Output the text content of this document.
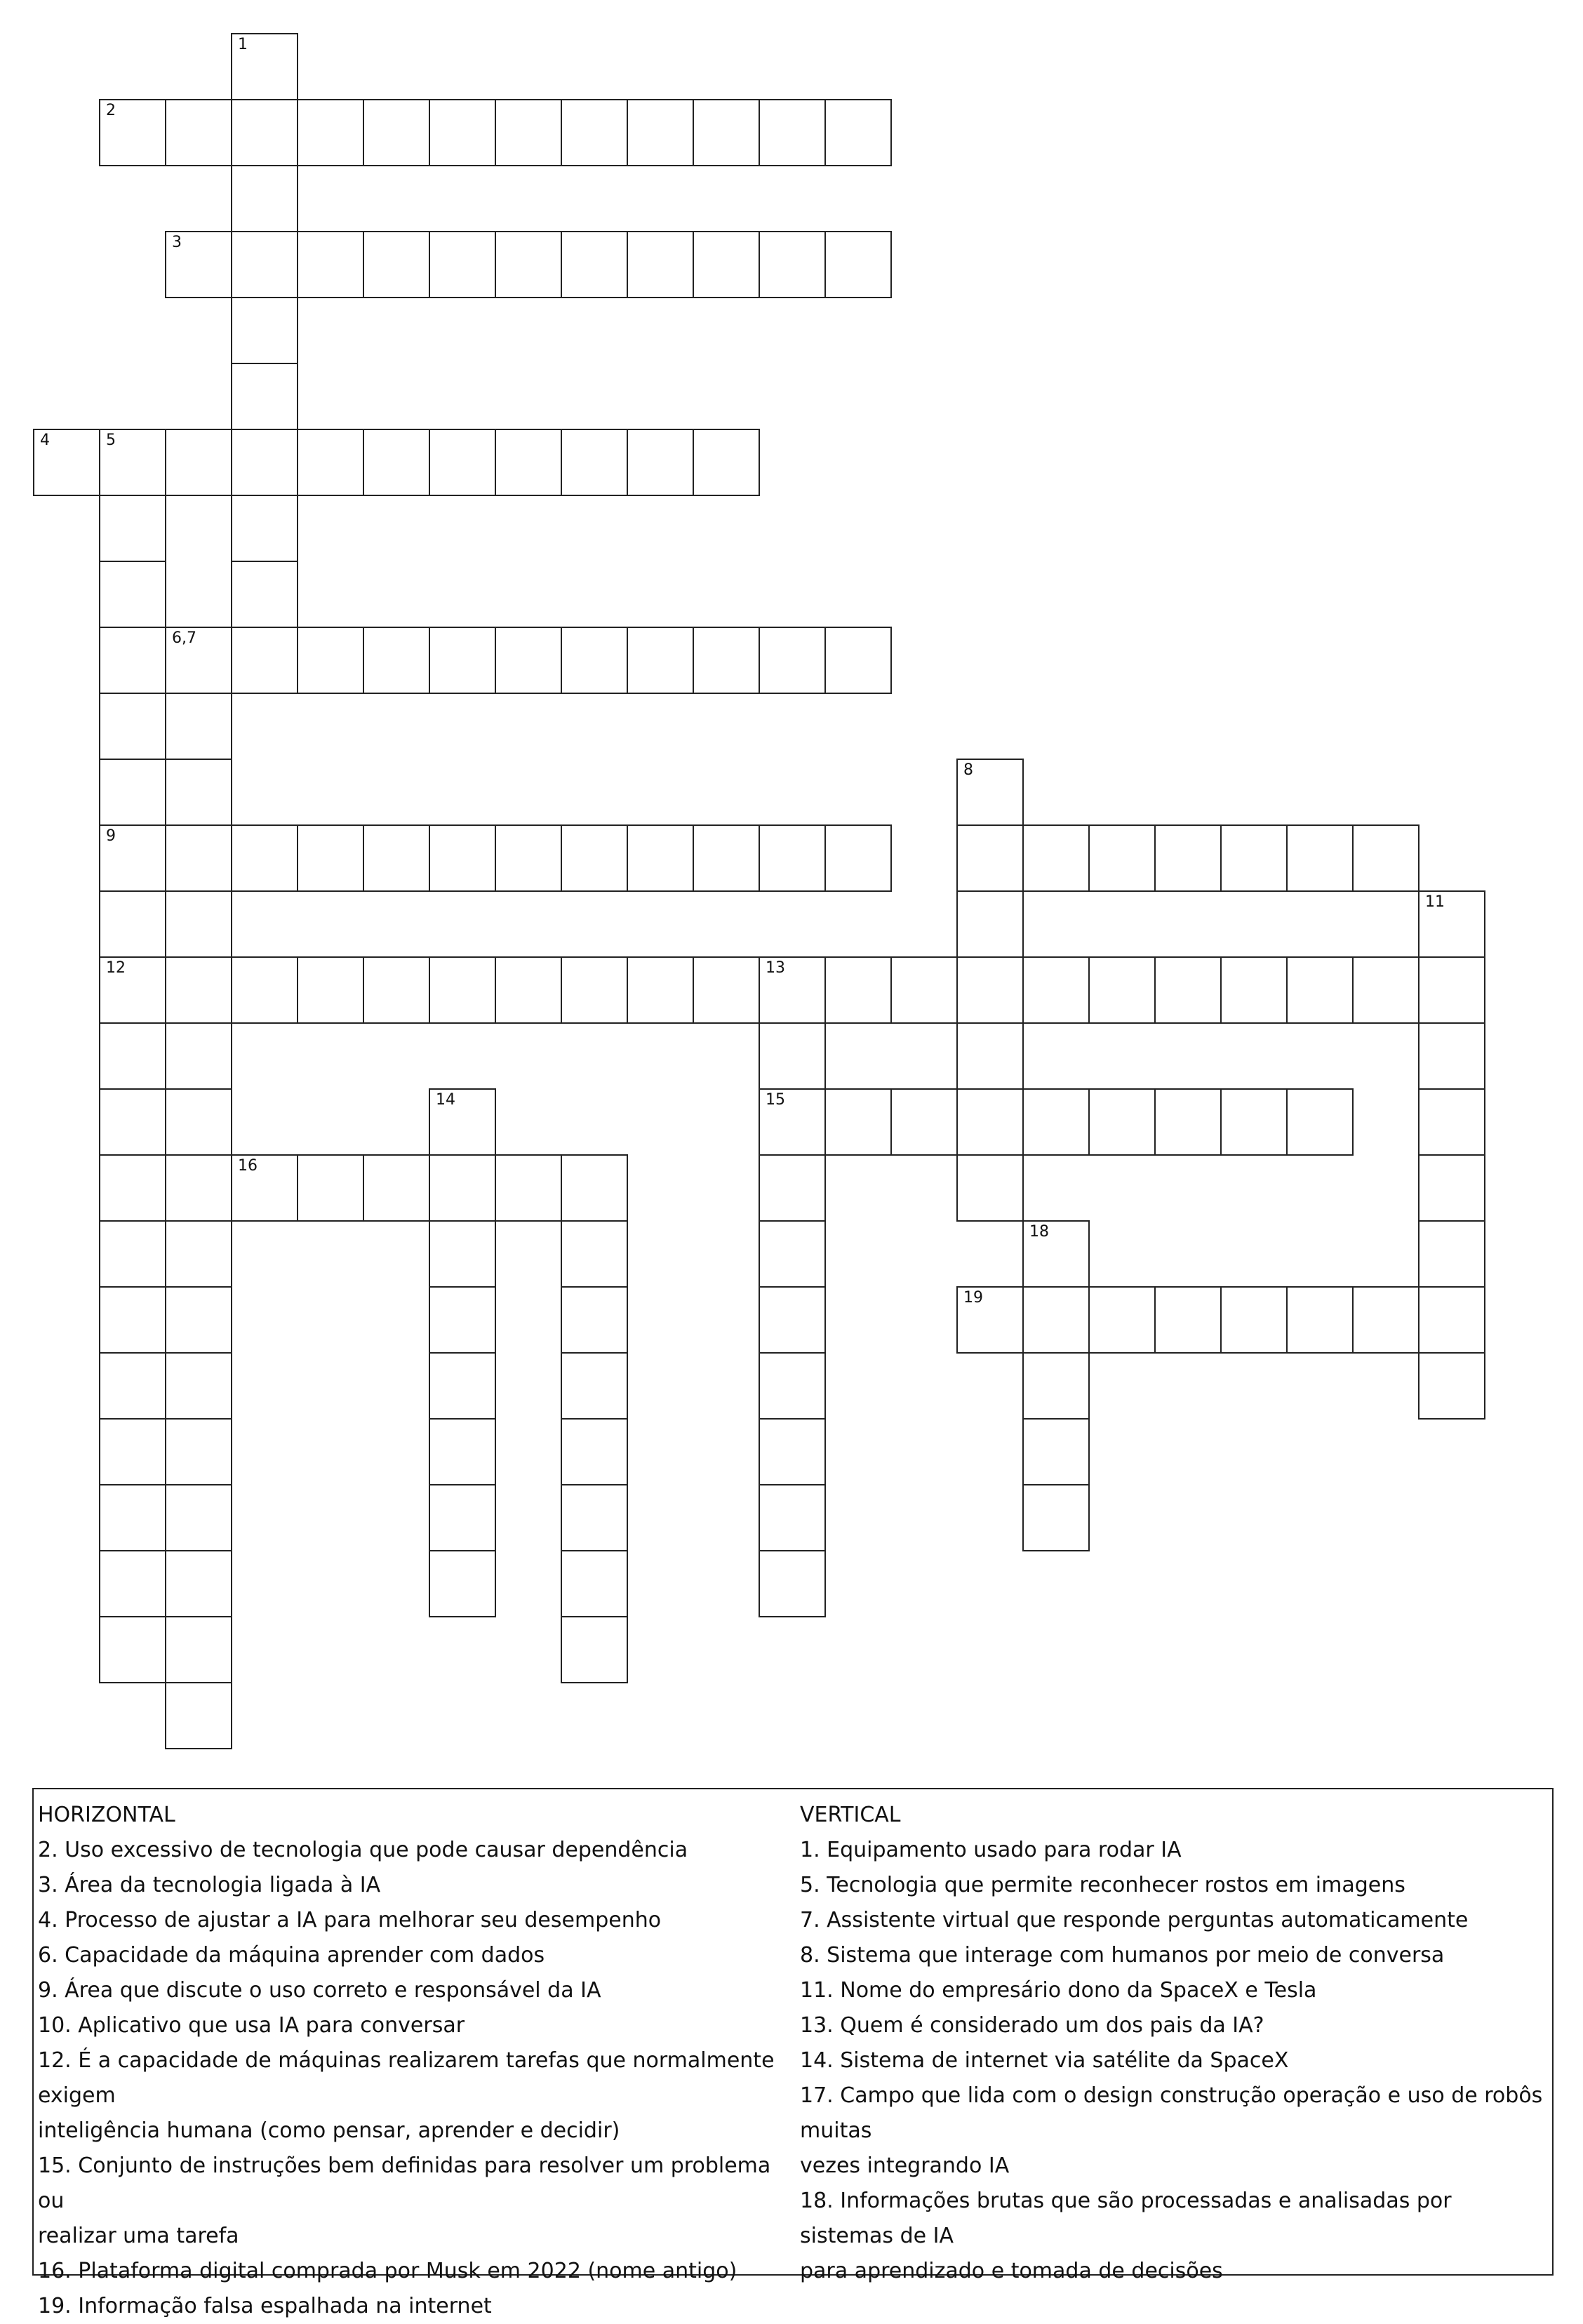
1
2
3
4	5
6,7
8
9
11
12	13
14	15
16
18
19
HORIZONTAL
2. Uso excessivo de tecnologia que pode causar dependência
3. Área da tecnologia ligada à IA
4. Processo de ajustar a IA para melhorar seu desempenho
6. Capacidade da máquina aprender com dados
9. Área que discute o uso correto e responsável da IA
10. Aplicativo que usa IA para conversar
12. É a capacidade de máquinas realizarem tarefas que normalmente exigem
inteligência humana (como pensar, aprender e decidir)
15. Conjunto de instruções bem definidas para resolver um problema ou
realizar uma tarefa
16. Plataforma digital comprada por Musk em 2022 (nome antigo)
19. Informação falsa espalhada na internet
VERTICAL
1. Equipamento usado para rodar IA
5. Tecnologia que permite reconhecer rostos em imagens
7. Assistente virtual que responde perguntas automaticamente
8. Sistema que interage com humanos por meio de conversa
11. Nome do empresário dono da SpaceX e Tesla
13. Quem é considerado um dos pais da IA?
14. Sistema de internet via satélite da SpaceX
17. Campo que lida com o design construção operação e uso de robôs muitas
vezes integrando IA
18. Informações brutas que são processadas e analisadas por sistemas de IA
para aprendizado e tomada de decisões
